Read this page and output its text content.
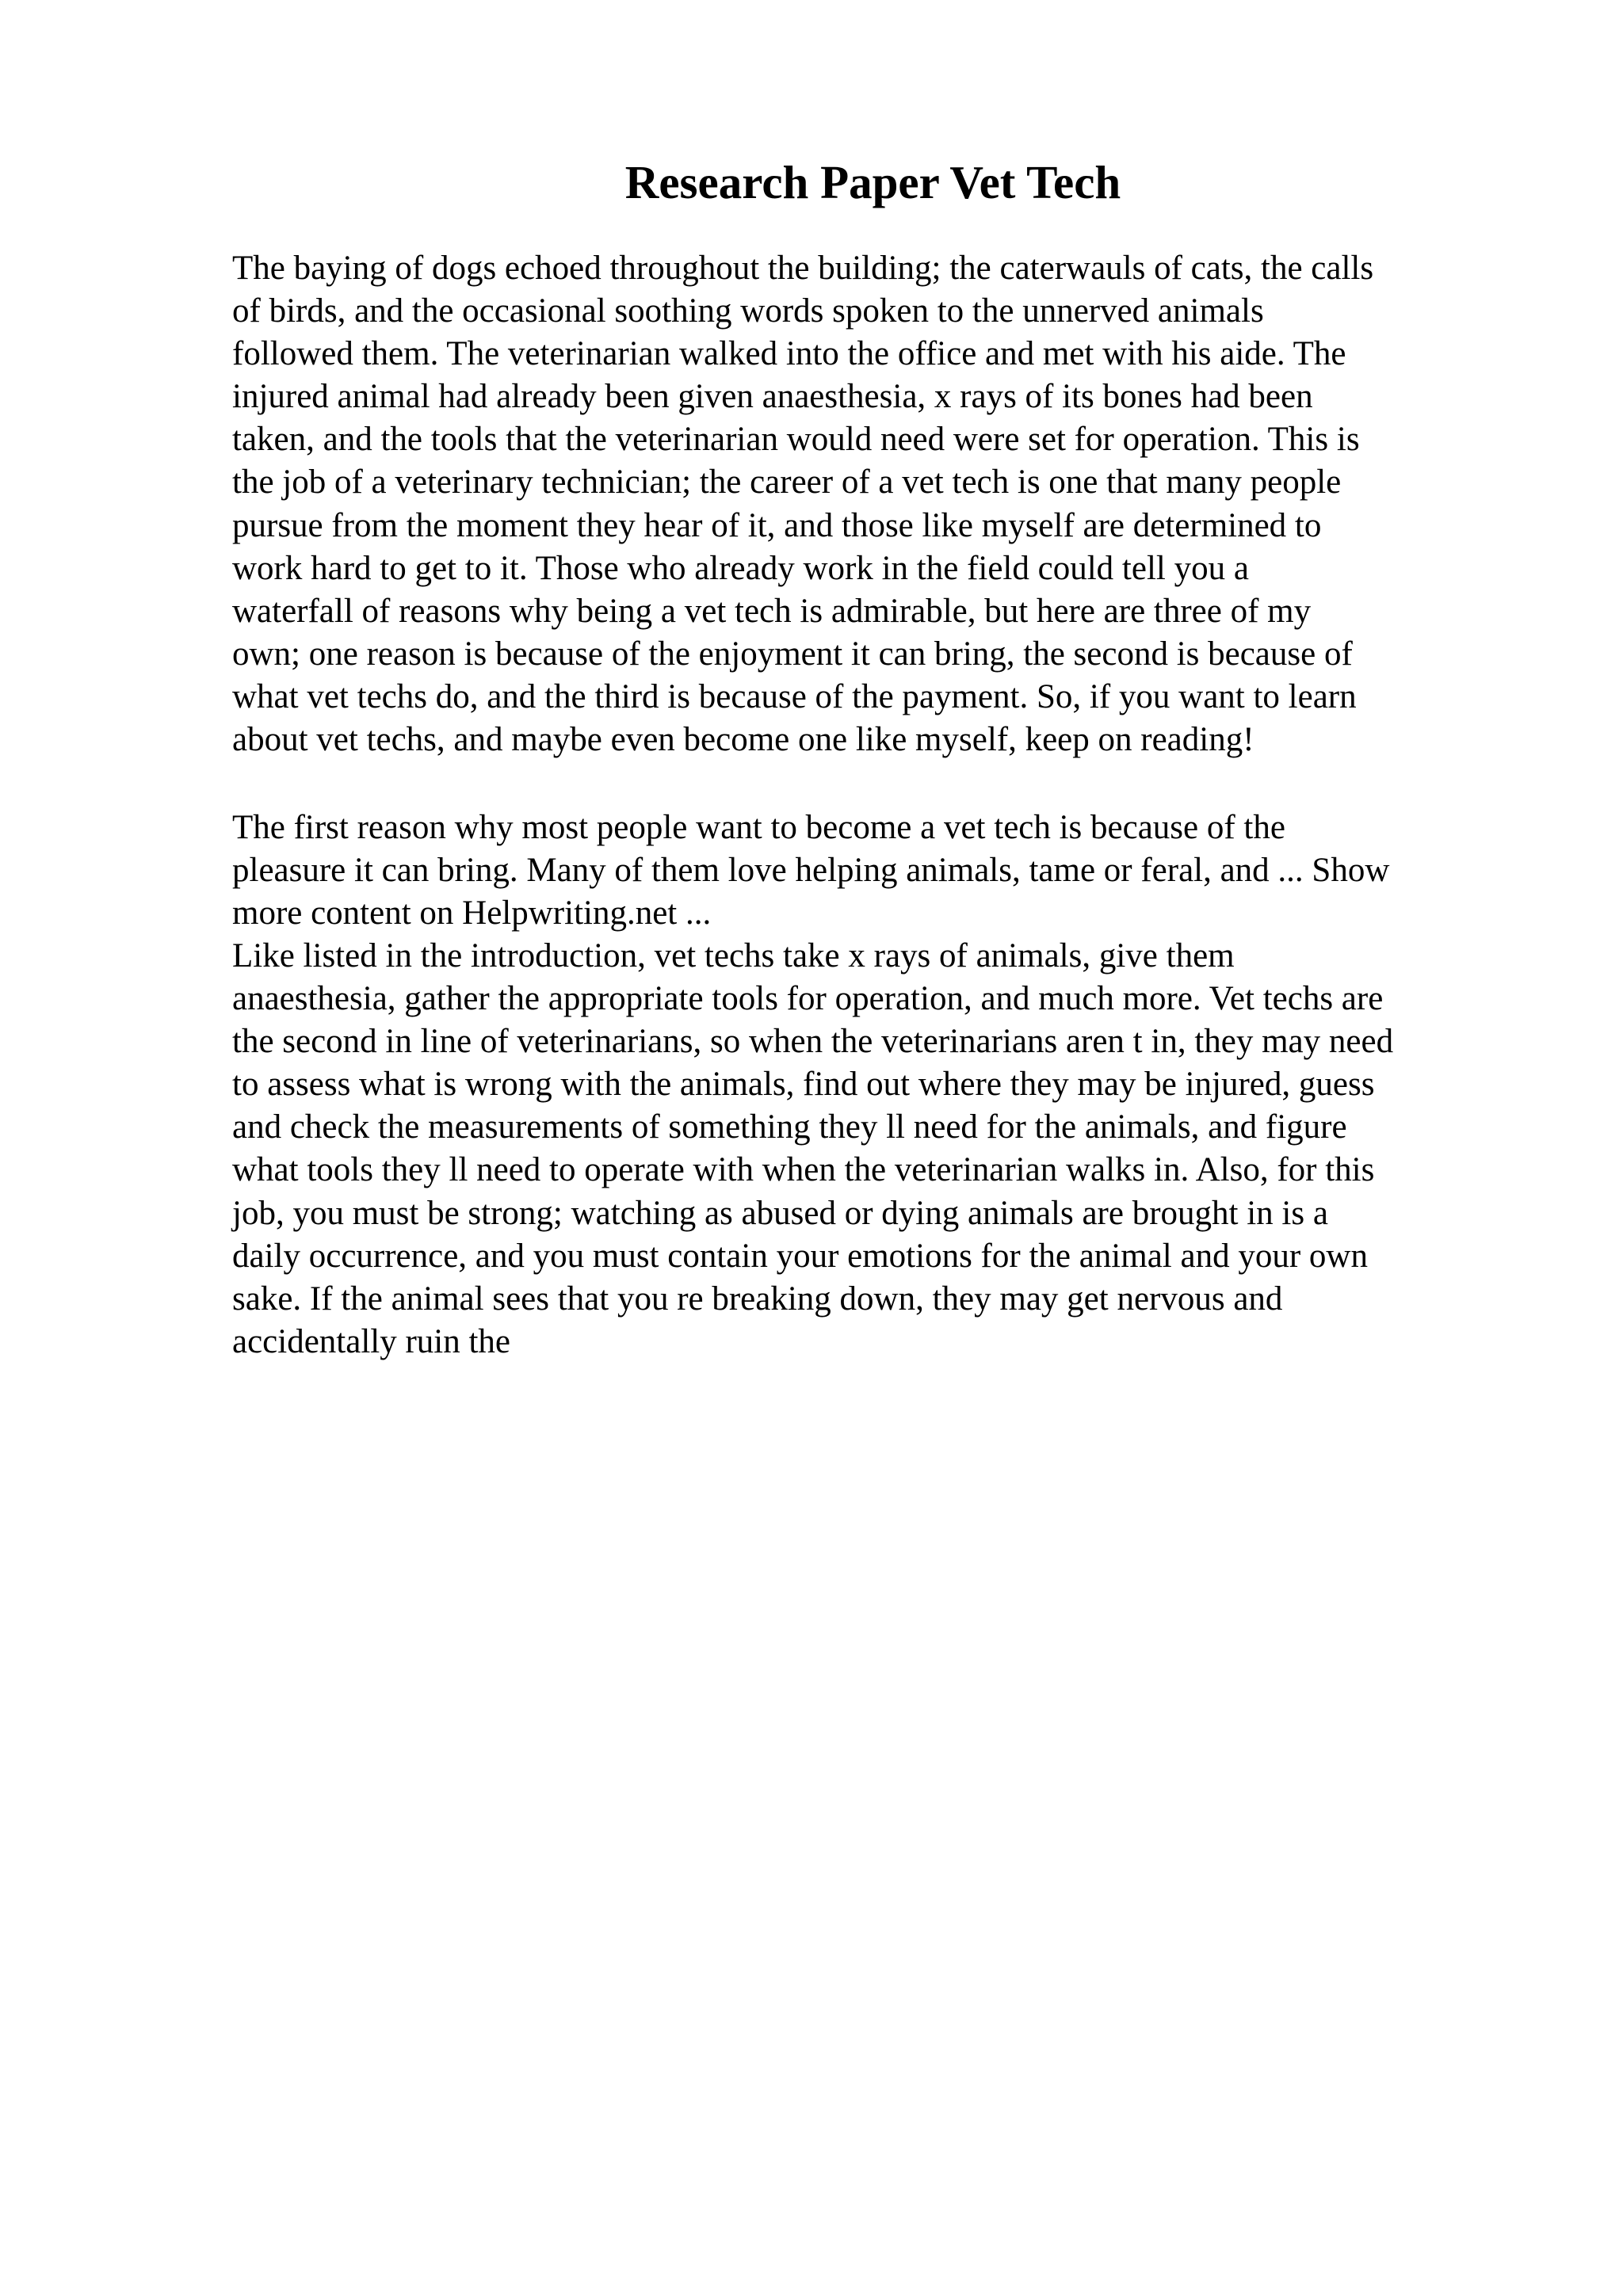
Research Paper Vet Tech

The baying of dogs echoed throughout the building; the caterwauls of cats, the calls
of birds, and the occasional soothing words spoken to the unnerved animals
followed them. The veterinarian walked into the office and met with his aide. The
injured animal had already been given anaesthesia, x rays of its bones had been
taken, and the tools that the veterinarian would need were set for operation. This is
the job of a veterinary technician; the career of a vet tech is one that many people
pursue from the moment they hear of it, and those like myself are determined to
work hard to get to it. Those who already work in the field could tell you a
waterfall of reasons why being a vet tech is admirable, but here are three of my
own; one reason is because of the enjoyment it can bring, the second is because of
what vet techs do, and the third is because of the payment. So, if you want to learn
about vet techs, and maybe even become one like myself, keep on reading!

The first reason why most people want to become a vet tech is because of the
pleasure it can bring. Many of them love helping animals, tame or feral, and ... Show
more content on Helpwriting.net ...

Like listed in the introduction, vet techs take x rays of animals, give them
anaesthesia, gather the appropriate tools for operation, and much more. Vet techs are
the second in line of veterinarians, so when the veterinarians aren t in, they may need
to assess what is wrong with the animals, find out where they may be injured, guess
and check the measurements of something they ll need for the animals, and figure
what tools they ll need to operate with when the veterinarian walks in. Also, for this
job, you must be strong; watching as abused or dying animals are brought in is a
daily occurrence, and you must contain your emotions for the animal and your own
sake. If the animal sees that you re breaking down, they may get nervous and
accidentally ruin the
